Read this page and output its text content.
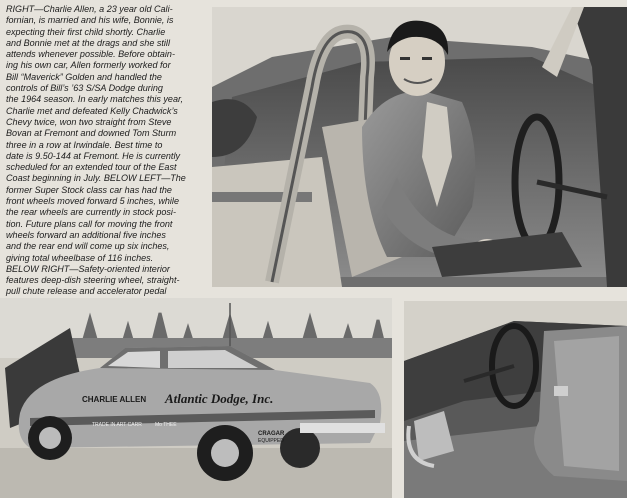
RIGHT—Charlie Allen, a 23 year old Cali-
fornian, is married and his wife, Bonnie, is
expecting their first child shortly. Charlie
and Bonnie met at the drags and she still
attends whenever possible. Before obtain-
ing his own car, Allen formerly worked for
Bill “Maverick” Golden and handled the
controls of Bill’s ’63 S/SA Dodge during
the 1964 season. In early matches this year,
Charlie met and defeated Kelly Chadwick’s
Chevy twice, won two straight from Steve
Bovan at Fremont and downed Tom Sturm
three in a row at Irwindale. Best time to
date is 9.50-144 at Fremont. He is currently
scheduled for an extended tour of the East
Coast beginning in July. BELOW LEFT—The
former Super Stock class car has had the
front wheels moved forward 5 inches, while
the rear wheels are currently in stock posi-
tion. Future plans call for moving the front
wheels forward an additional five inches
and the rear end will come up six inches,
giving total wheelbase of 116 inches.
BELOW RIGHT—Safety-oriented interior
features deep-dish steering wheel, straight-
pull chute release and accelerator pedal
CHARLIE ALLEN Atlantic Dodge, Inc.
TRADE IN ART CARR	Mo THEE
CRAGAR
EQUIPPED
